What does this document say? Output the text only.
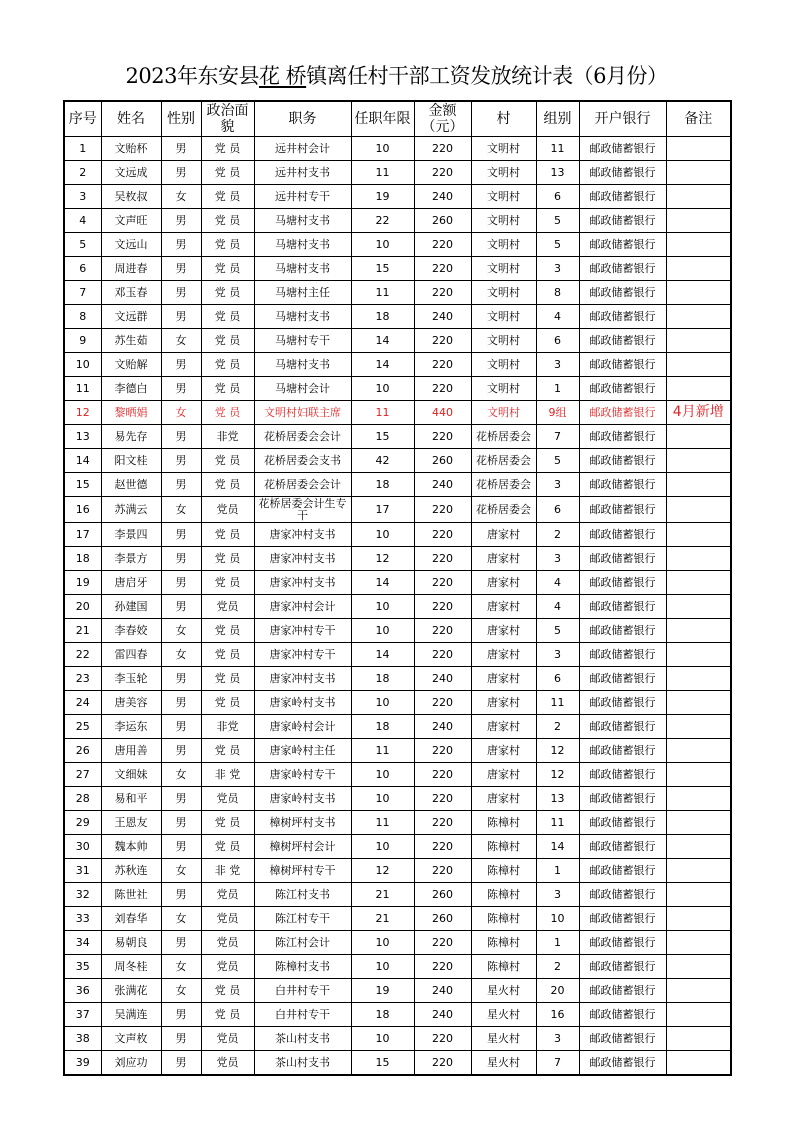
2023年东安县花 桥镇离任村干部工资发放统计表（6月份）
序号	姓名	性别	政治面貌	职务	任职年限	金额（元）	村	组别	开户银行	备注
1	文贻杯	男	党 员	远井村会计	10	220	文明村	11	邮政储蓄银行	
2	文远成	男	党 员	远井村支书	11	220	文明村	13	邮政储蓄银行	
3	吴枚叔	女	党 员	远井村专干	19	240	文明村	6	邮政储蓄银行	
4	文声旺	男	党 员	马塘村支书	22	260	文明村	5	邮政储蓄银行	
5	文远山	男	党 员	马塘村支书	10	220	文明村	5	邮政储蓄银行	
6	周进春	男	党 员	马塘村支书	15	220	文明村	3	邮政储蓄银行	
7	邓玉春	男	党 员	马塘村主任	11	220	文明村	8	邮政储蓄银行	
8	文远群	男	党 员	马塘村支书	18	240	文明村	4	邮政储蓄银行	
9	苏生茹	女	党 员	马塘村专干	14	220	文明村	6	邮政储蓄银行	
10	文贻解	男	党 员	马塘村支书	14	220	文明村	3	邮政储蓄银行	
11	李德白	男	党 员	马塘村会计	10	220	文明村	1	邮政储蓄银行	
12	黎晒娟	女	党 员	文明村妇联主席	11	440	文明村	9组	邮政储蓄银行	4月新增
13	易先存	男	非党	花桥居委会会计	15	220	花桥居委会	7	邮政储蓄银行	
14	阳文桂	男	党 员	花桥居委会支书	42	260	花桥居委会	5	邮政储蓄银行	
15	赵世德	男	党 员	花桥居委会会计	18	240	花桥居委会	3	邮政储蓄银行	
16	苏满云	女	党员	花桥居委会计生专干	17	220	花桥居委会	6	邮政储蓄银行	
17	李景四	男	党 员	唐家冲村支书	10	220	唐家村	2	邮政储蓄银行	
18	李景方	男	党 员	唐家冲村支书	12	220	唐家村	3	邮政储蓄银行	
19	唐启牙	男	党 员	唐家冲村支书	14	220	唐家村	4	邮政储蓄银行	
20	孙建国	男	党员	唐家冲村会计	10	220	唐家村	4	邮政储蓄银行	
21	李春姣	女	党 员	唐家冲村专干	10	220	唐家村	5	邮政储蓄银行	
22	雷四春	女	党 员	唐家冲村专干	14	220	唐家村	3	邮政储蓄银行	
23	李玉轮	男	党 员	唐家冲村支书	18	240	唐家村	6	邮政储蓄银行	
24	唐美容	男	党 员	唐家岭村支书	10	220	唐家村	11	邮政储蓄银行	
25	李运东	男	非党	唐家岭村会计	18	240	唐家村	2	邮政储蓄银行	
26	唐用善	男	党 员	唐家岭村主任	11	220	唐家村	12	邮政储蓄银行	
27	文细妹	女	非 党	唐家岭村专干	10	220	唐家村	12	邮政储蓄银行	
28	易和平	男	党员	唐家岭村支书	10	220	唐家村	13	邮政储蓄银行	
29	王恩友	男	党 员	樟树坪村支书	11	220	陈樟村	11	邮政储蓄银行	
30	魏本帅	男	党 员	樟树坪村会计	10	220	陈樟村	14	邮政储蓄银行	
31	苏秋连	女	非 党	樟树坪村专干	12	220	陈樟村	1	邮政储蓄银行	
32	陈世社	男	党员	陈江村支书	21	260	陈樟村	3	邮政储蓄银行	
33	刘春华	女	党员	陈江村专干	21	260	陈樟村	10	邮政储蓄银行	
34	易朝良	男	党员	陈江村会计	10	220	陈樟村	1	邮政储蓄银行	
35	周冬桂	女	党员	陈樟村支书	10	220	陈樟村	2	邮政储蓄银行	
36	张满花	女	党 员	白井村专干	19	240	星火村	20	邮政储蓄银行	
37	吴满连	男	党 员	白井村专干	18	240	星火村	16	邮政储蓄银行	
38	文声枚	男	党员	茶山村支书	10	220	星火村	3	邮政储蓄银行	
39	刘应功	男	党员	茶山村支书	15	220	星火村	7	邮政储蓄银行	
